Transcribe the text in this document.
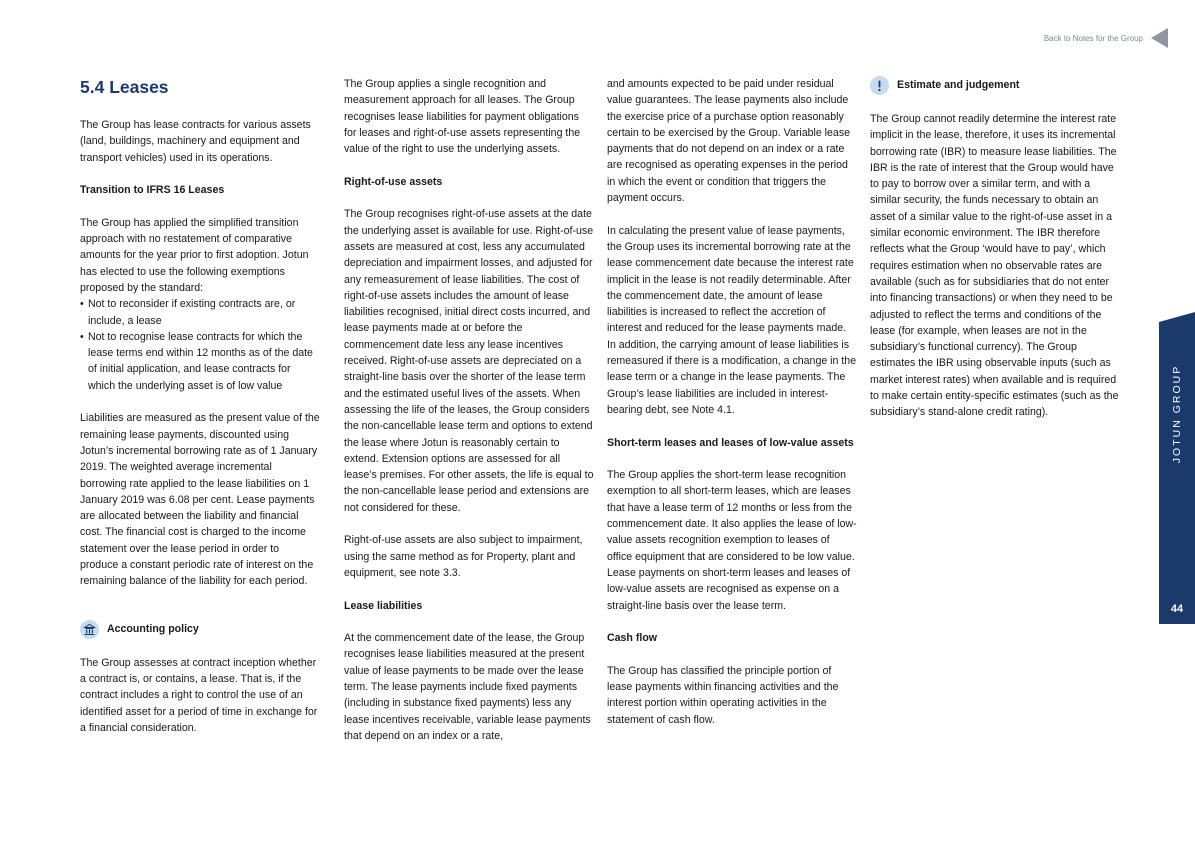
Back to Notes for the Group
5.4 Leases

The Group has lease contracts for various assets (land, buildings, machinery and equipment and transport vehicles) used in its operations.

Transition to IFRS 16 Leases

The Group has applied the simplified transition approach with no restatement of comparative amounts for the year prior to first adoption. Jotun has elected to use the following exemptions proposed by the standard:

• Not to reconsider if existing contracts are, or include, a lease
• Not to recognise lease contracts for which the lease terms end within 12 months as of the date of initial application, and lease contracts for which the underlying asset is of low value

Liabilities are measured as the present value of the remaining lease payments, discounted using Jotun’s incremental borrowing rate as of 1 January 2019. The weighted average incremental borrowing rate applied to the lease liabilities on 1 January 2019 was 6.08 per cent. Lease payments are allocated between the liability and financial cost. The financial cost is charged to the income statement over the lease period in order to produce a constant periodic rate of interest on the remaining balance of the liability for each period.

Accounting policy

The Group assesses at contract inception whether a contract is, or contains, a lease. That is, if the contract includes a right to control the use of an identified asset for a period of time in exchange for a financial consideration.

The Group applies a single recognition and measurement approach for all leases. The Group recognises lease liabilities for payment obligations for leases and right-of-use assets representing the value of the right to use the underlying assets.

Right-of-use assets

The Group recognises right-of-use assets at the date the underlying asset is available for use. Right-of-use assets are measured at cost, less any accumulated depreciation and impairment losses, and adjusted for any remeasurement of lease liabilities. The cost of right-of-use assets includes the amount of lease liabilities recognised, initial direct costs incurred, and lease payments made at or before the commencement date less any lease incentives received. Right-of-use assets are depreciated on a straight-line basis over the shorter of the lease term and the estimated useful lives of the assets. When assessing the life of the leases, the Group considers the non-cancellable lease term and options to extend the lease where Jotun is reasonably certain to extend. Extension options are assessed for all lease’s premises. For other assets, the life is equal to the non-cancellable lease period and extensions are not considered for these.

Right-of-use assets are also subject to impairment, using the same method as for Property, plant and equipment, see note 3.3.

Lease liabilities

At the commencement date of the lease, the Group recognises lease liabilities measured at the present value of lease payments to be made over the lease term. The lease payments include fixed payments (including in substance fixed payments) less any lease incentives receivable, variable lease payments that depend on an index or a rate,

and amounts expected to be paid under residual value guarantees. The lease payments also include the exercise price of a purchase option reasonably certain to be exercised by the Group. Variable lease payments that do not depend on an index or a rate are recognised as operating expenses in the period in which the event or condition that triggers the payment occurs.

In calculating the present value of lease payments, the Group uses its incremental borrowing rate at the lease commencement date because the interest rate implicit in the lease is not readily determinable. After the commencement date, the amount of lease liabilities is increased to reflect the accretion of interest and reduced for the lease payments made. In addition, the carrying amount of lease liabilities is remeasured if there is a modification, a change in the lease term or a change in the lease payments. The Group’s lease liabilities are included in interest-bearing debt, see Note 4.1.

Short-term leases and leases of low-value assets

The Group applies the short-term lease recognition exemption to all short-term leases, which are leases that have a lease term of 12 months or less from the commencement date. It also applies the lease of low-value assets recognition exemption to leases of office equipment that are considered to be low value. Lease payments on short-term leases and leases of low-value assets are recognised as expense on a straight-line basis over the lease term.

Cash flow

The Group has classified the principle portion of lease payments within financing activities and the interest portion within operating activities in the statement of cash flow.

Estimate and judgement

The Group cannot readily determine the interest rate implicit in the lease, therefore, it uses its incremental borrowing rate (IBR) to measure lease liabilities. The IBR is the rate of interest that the Group would have to pay to borrow over a similar term, and with a similar security, the funds necessary to obtain an asset of a similar value to the right-of-use asset in a similar economic environment. The IBR therefore reflects what the Group ‘would have to pay’, which requires estimation when no observable rates are available (such as for subsidiaries that do not enter into financing transactions) or when they need to be adjusted to reflect the terms and conditions of the lease (for example, when leases are not in the subsidiary’s functional currency). The Group estimates the IBR using observable inputs (such as market interest rates) when available and is required to make certain entity-specific estimates (such as the subsidiary’s stand-alone credit rating).	JOTUN GROUP
44
